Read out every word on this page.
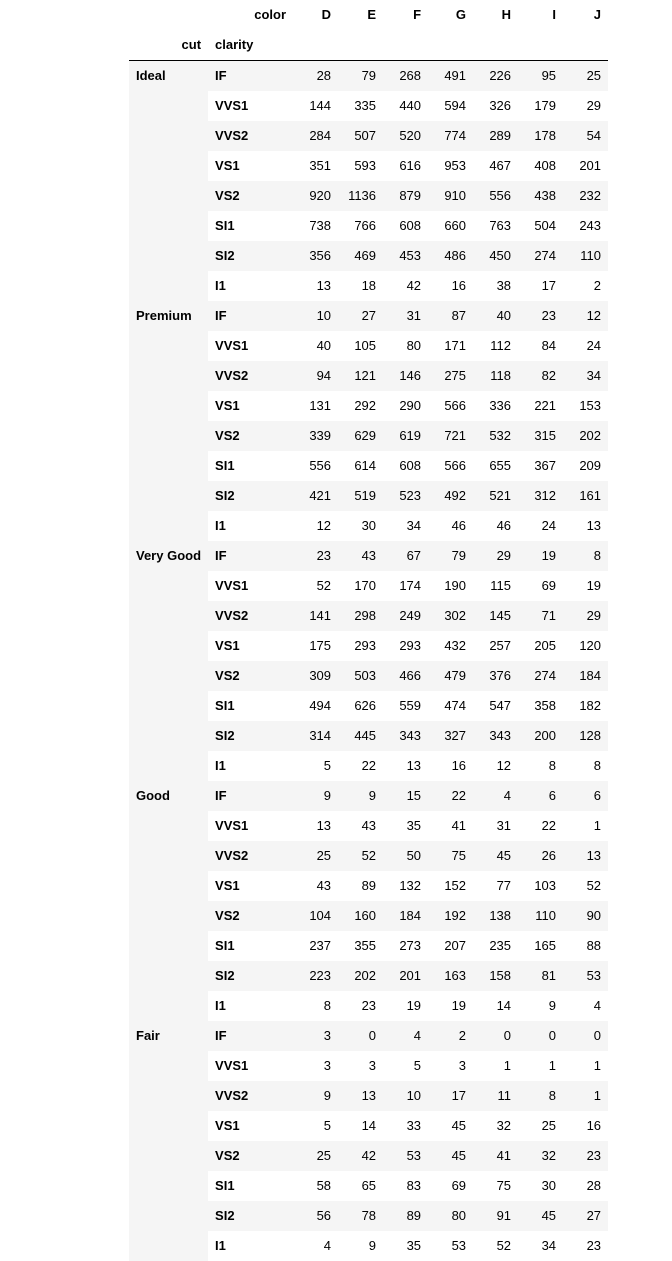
	color	D	E	F	G	H	I	J
cut	clarity							
Ideal	IF	28	79	268	491	226	95	25
	VVS1	144	335	440	594	326	179	29
	VVS2	284	507	520	774	289	178	54
	VS1	351	593	616	953	467	408	201
	VS2	920	1136	879	910	556	438	232
	SI1	738	766	608	660	763	504	243
	SI2	356	469	453	486	450	274	110
	I1	13	18	42	16	38	17	2
Premium	IF	10	27	31	87	40	23	12
	VVS1	40	105	80	171	112	84	24
	VVS2	94	121	146	275	118	82	34
	VS1	131	292	290	566	336	221	153
	VS2	339	629	619	721	532	315	202
	SI1	556	614	608	566	655	367	209
	SI2	421	519	523	492	521	312	161
	I1	12	30	34	46	46	24	13
Very Good	IF	23	43	67	79	29	19	8
	VVS1	52	170	174	190	115	69	19
	VVS2	141	298	249	302	145	71	29
	VS1	175	293	293	432	257	205	120
	VS2	309	503	466	479	376	274	184
	SI1	494	626	559	474	547	358	182
	SI2	314	445	343	327	343	200	128
	I1	5	22	13	16	12	8	8
Good	IF	9	9	15	22	4	6	6
	VVS1	13	43	35	41	31	22	1
	VVS2	25	52	50	75	45	26	13
	VS1	43	89	132	152	77	103	52
	VS2	104	160	184	192	138	110	90
	SI1	237	355	273	207	235	165	88
	SI2	223	202	201	163	158	81	53
	I1	8	23	19	19	14	9	4
Fair	IF	3	0	4	2	0	0	0
	VVS1	3	3	5	3	1	1	1
	VVS2	9	13	10	17	11	8	1
	VS1	5	14	33	45	32	25	16
	VS2	25	42	53	45	41	32	23
	SI1	58	65	83	69	75	30	28
	SI2	56	78	89	80	91	45	27
	I1	4	9	35	53	52	34	23
